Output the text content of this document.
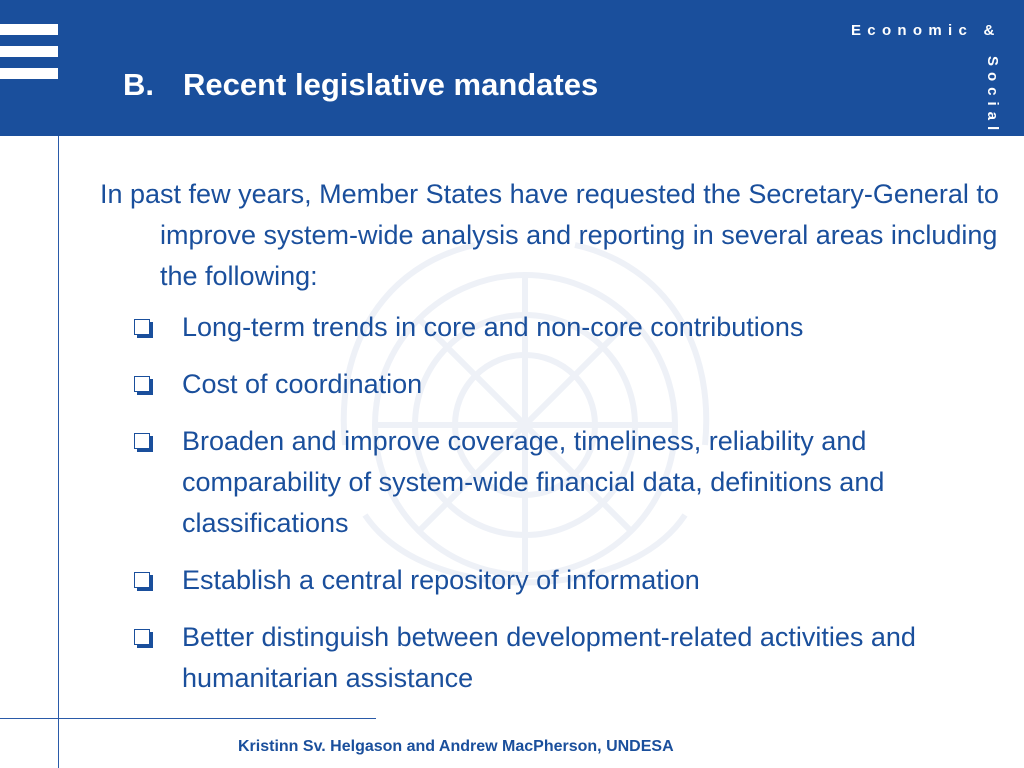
B. Recent legislative mandates
Economic &
Social Affairs

In past few years, Member States have requested the Secretary-General to improve system-wide analysis and reporting in several areas including the following:

Long-term trends in core and non-core contributions
Cost of coordination
Broaden and improve coverage, timeliness, reliability and comparability of system-wide financial data, definitions and classifications
Establish a central repository of information
Better distinguish between development-related activities and humanitarian assistance
Kristinn Sv. Helgason and Andrew MacPherson, UNDESA
